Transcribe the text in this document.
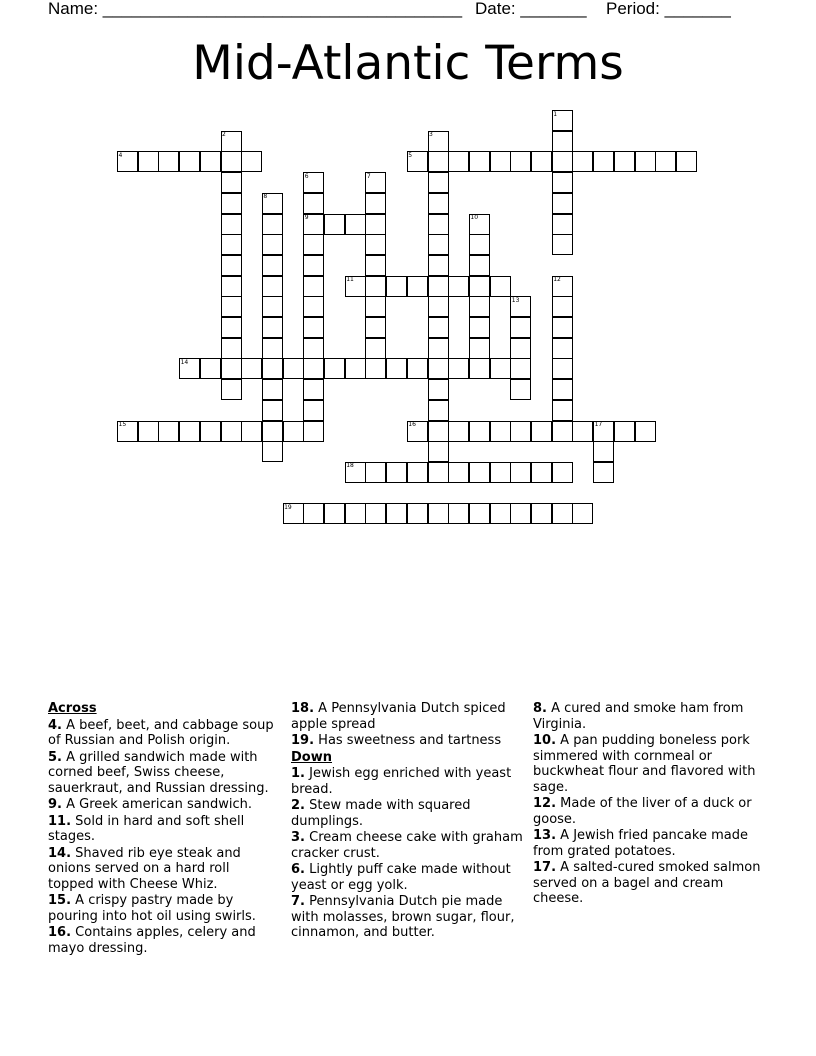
Name: ______________________________________ Date: _______ Period: _______
Mid-Atlantic Terms
1
2	3
4	5
6	7
8
9	10
11	12
13
14
15	16	17
18
19

Across

4. A beef, beet, and cabbage soup of Russian and Polish origin.

5. A grilled sandwich made with corned beef, Swiss cheese, sauerkraut, and Russian dressing.

9. A Greek american sandwich.

11. Sold in hard and soft shell stages.

14. Shaved rib eye steak and onions served on a hard roll topped with Cheese Whiz.

15. A crispy pastry made by pouring into hot oil using swirls.

16. Contains apples, celery and mayo dressing.

18. A Pennsylvania Dutch spiced apple spread

19. Has sweetness and tartness

Down

1. Jewish egg enriched with yeast bread.

2. Stew made with squared dumplings.

3. Cream cheese cake with graham cracker crust.

6. Lightly puff cake made without yeast or egg yolk.

7. Pennsylvania Dutch pie made with molasses, brown sugar, flour, cinnamon, and butter.

8. A cured and smoke ham from Virginia.

10. A pan pudding boneless pork simmered with cornmeal or buckwheat flour and flavored with sage.

12. Made of the liver of a duck or goose.

13. A Jewish fried pancake made from grated potatoes.

17. A salted-cured smoked salmon served on a bagel and cream cheese.
